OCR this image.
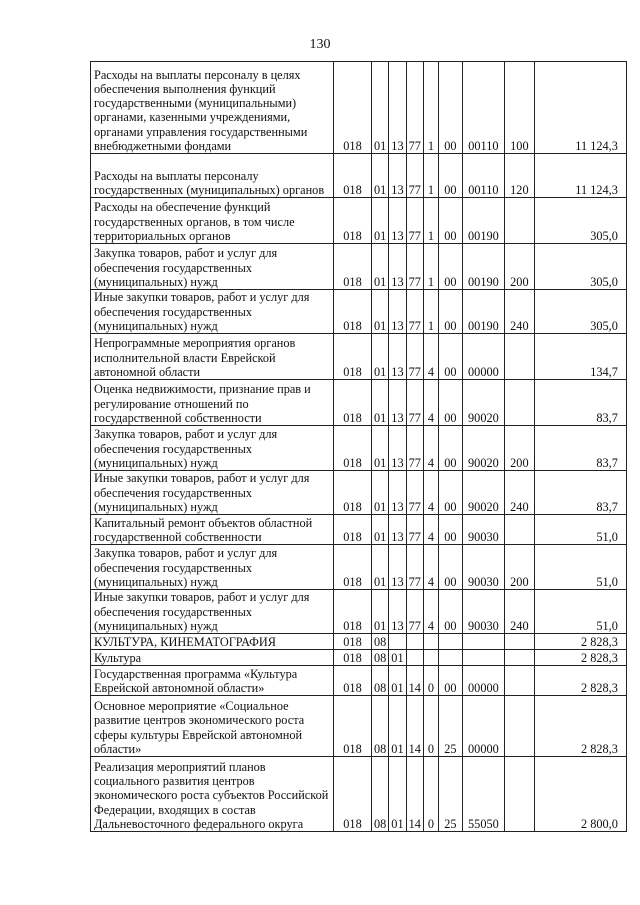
130
Расходы на выплаты персоналу в целях обеспечения выполнения функций государственными (муниципальными) органами, казенными учреждениями, органами управления государственными внебюджетными фондами	018	01	13	77	1	00	00110	100	11 124,3
Расходы на выплаты персоналу государственных (муниципальных) органов	018	01	13	77	1	00	00110	120	11 124,3
Расходы на обеспечение функций государственных органов, в том числе территориальных органов	018	01	13	77	1	00	00190		305,0
Закупка товаров, работ и услуг для обеспечения государственных (муниципальных) нужд	018	01	13	77	1	00	00190	200	305,0
Иные закупки товаров, работ и услуг для обеспечения государственных (муниципальных) нужд	018	01	13	77	1	00	00190	240	305,0
Непрограммные мероприятия органов исполнительной власти Еврейской автономной области	018	01	13	77	4	00	00000		134,7
Оценка недвижимости, признание прав и регулирование отношений по государственной собственности	018	01	13	77	4	00	90020		83,7
Закупка товаров, работ и услуг для обеспечения государственных (муниципальных) нужд	018	01	13	77	4	00	90020	200	83,7
Иные закупки товаров, работ и услуг для обеспечения государственных (муниципальных) нужд	018	01	13	77	4	00	90020	240	83,7
Капитальный ремонт объектов областной государственной собственности	018	01	13	77	4	00	90030		51,0
Закупка товаров, работ и услуг для обеспечения государственных (муниципальных) нужд	018	01	13	77	4	00	90030	200	51,0
Иные закупки товаров, работ и услуг для обеспечения государственных (муниципальных) нужд	018	01	13	77	4	00	90030	240	51,0
КУЛЬТУРА, КИНЕМАТОГРАФИЯ	018	08							2 828,3
Культура	018	08	01						2 828,3
Государственная программа «Культура Еврейской автономной области»	018	08	01	14	0	00	00000		2 828,3
Основное мероприятие «Социальное развитие центров экономического роста сферы культуры Еврейской автономной области»	018	08	01	14	0	25	00000		2 828,3
Реализация мероприятий планов социального развития центров экономического роста субъектов Российской Федерации, входящих в состав Дальневосточного федерального округа	018	08	01	14	0	25	55050		2 800,0
